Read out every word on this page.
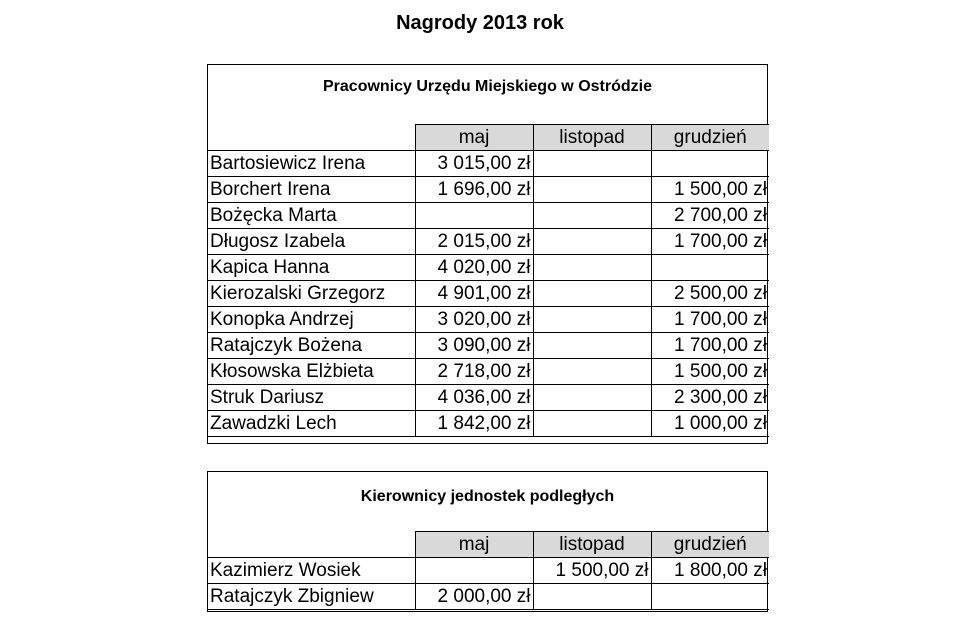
Nagrody 2013 rok
Pracownicy Urzędu Miejskiego w Ostródzie
	maj	listopad	grudzień
Bartosiewicz Irena	3 015,00 zł		
Borchert Irena	1 696,00 zł		1 500,00 zł
Bożęcka Marta			2 700,00 zł
Długosz Izabela	2 015,00 zł		1 700,00 zł
Kapica Hanna	4 020,00 zł		
Kierozalski Grzegorz	4 901,00 zł		2 500,00 zł
Konopka Andrzej	3 020,00 zł		1 700,00 zł
Ratajczyk Bożena	3 090,00 zł		1 700,00 zł
Kłosowska Elżbieta	2 718,00 zł		1 500,00 zł
Struk Dariusz	4 036,00 zł		2 300,00 zł
Zawadzki Lech	1 842,00 zł		1 000,00 zł
Kierownicy jednostek podległych
	maj	listopad	grudzień
Kazimierz Wosiek		1 500,00 zł	1 800,00 zł
Ratajczyk Zbigniew	2 000,00 zł		
